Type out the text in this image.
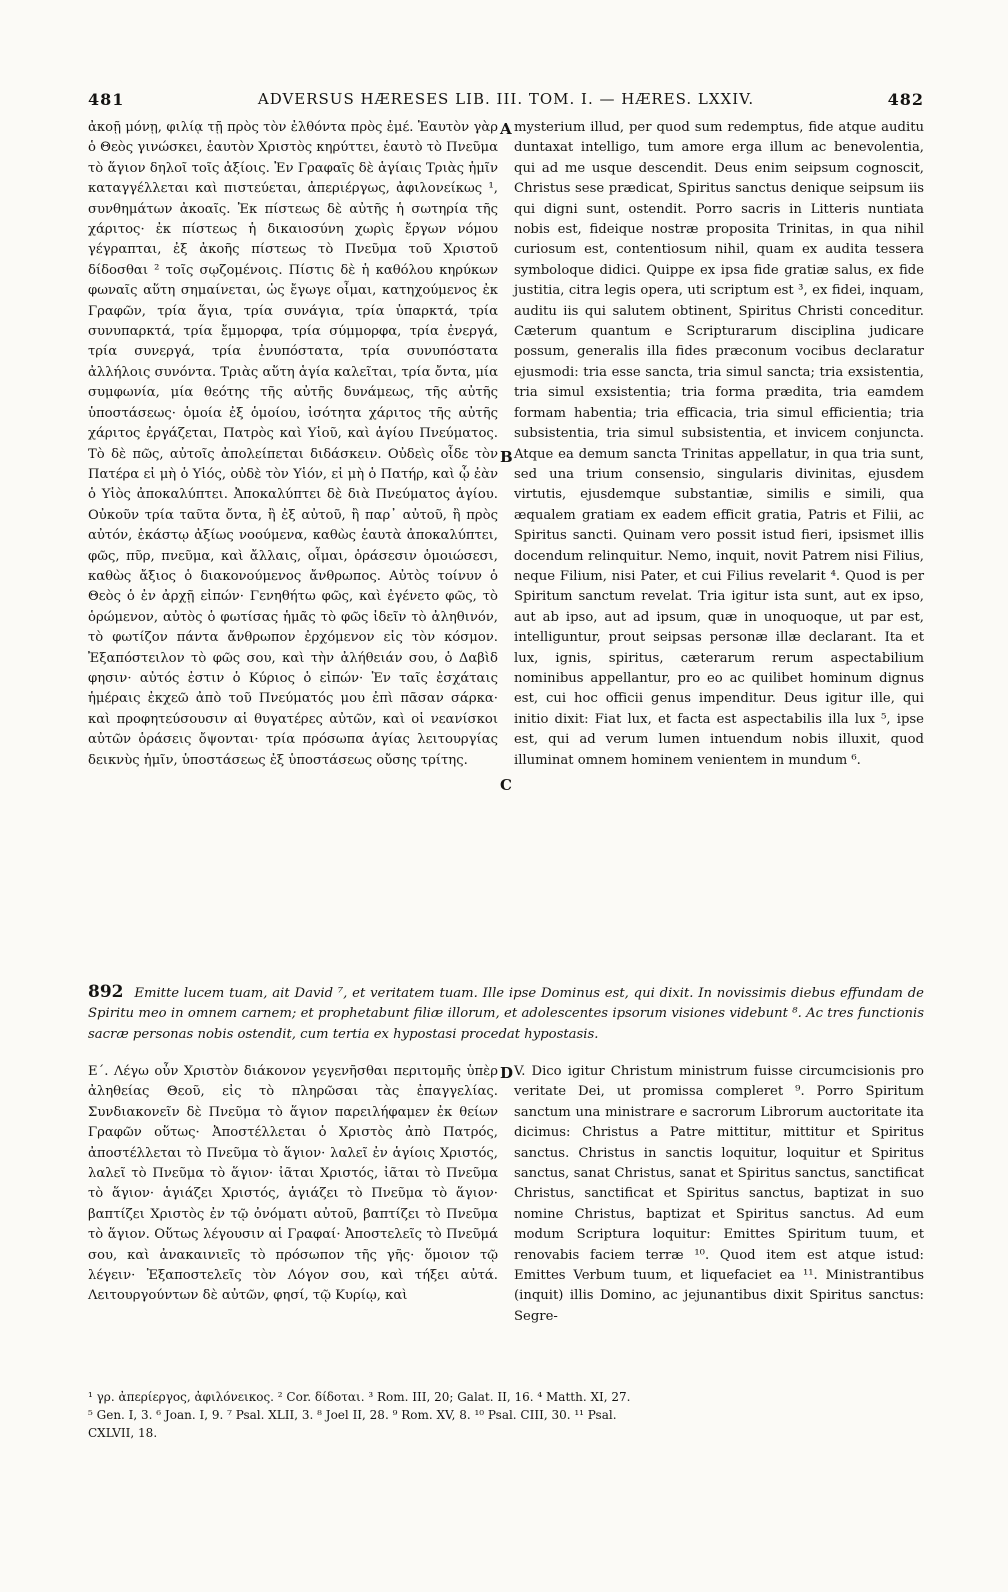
481	ADVERSUS HÆRESES LIB. III. TOM. I. — HÆRES. LXXIV.	482

ἀκοῇ μόνῃ, φιλίᾳ τῇ πρὸς τὸν ἐλθόντα πρὸς ἐμέ. Ἑαυτὸν γὰρ ὁ Θεὸς γινώσκει, ἑαυτὸν Χριστὸς κηρύττει, ἑαυτὸ τὸ Πνεῦμα τὸ ἅγιον δηλοῖ τοῖς ἀξίοις. Ἐν Γραφαῖς δὲ ἁγίαις Τριὰς ἡμῖν καταγγέλλεται καὶ πιστεύεται, ἀπεριέργως, ἀφιλονείκως ¹, συνθημάτων ἀκοαῖς. Ἐκ πίστεως δὲ αὐτῆς ἡ σωτηρία τῆς χάριτος· ἐκ πίστεως ἡ δικαιοσύνη χωρὶς ἔργων νόμου γέγραπται, ἐξ ἀκοῆς πίστεως τὸ Πνεῦμα τοῦ Χριστοῦ δίδοσθαι ² τοῖς σῳζομένοις. Πίστις δὲ ἡ καθόλου κηρύκων φωναῖς αὕτη σημαίνεται, ὡς ἔγωγε οἶμαι, κατηχούμενος ἐκ Γραφῶν, τρία ἅγια, τρία συνάγια, τρία ὑπαρκτά, τρία συνυπαρκτά, τρία ἔμμορφα, τρία σύμμορφα, τρία ἐνεργά, τρία συνεργά, τρία ἐνυπόστατα, τρία συνυπόστατα ἀλλήλοις συνόντα. Τριὰς αὕτη ἁγία καλεῖται, τρία ὄντα, μία συμφωνία, μία θεότης τῆς αὐτῆς δυνάμεως, τῆς αὐτῆς ὑποστάσεως· ὁμοία ἐξ ὁμοίου, ἰσότητα χάριτος τῆς αὐτῆς χάριτος ἐργάζεται, Πατρὸς καὶ Υἱοῦ, καὶ ἁγίου Πνεύματος. Τὸ δὲ πῶς, αὐτοῖς ἀπολείπεται διδάσκειν. Οὐδεὶς οἶδε τὸν Πατέρα εἰ μὴ ὁ Υἱός, οὐδὲ τὸν Υἱόν, εἰ μὴ ὁ Πατήρ, καὶ ᾧ ἐὰν ὁ Υἱὸς ἀποκαλύπτει. Ἀποκαλύπτει δὲ διὰ Πνεύματος ἁγίου. Οὐκοῦν τρία ταῦτα ὄντα, ἢ ἐξ αὐτοῦ, ἢ παρ᾽ αὐτοῦ, ἢ πρὸς αὐτόν, ἑκάστῳ ἀξίως νοούμενα, καθὼς ἑαυτὰ ἀποκαλύπτει, φῶς, πῦρ, πνεῦμα, καὶ ἄλλαις, οἶμαι, ὁράσεσιν ὁμοιώσεσι, καθὼς ἄξιος ὁ διακονούμενος ἄνθρωπος. Αὐτὸς τοίνυν ὁ Θεὸς ὁ ἐν ἀρχῇ εἰπών· Γενηθήτω φῶς, καὶ ἐγένετο φῶς, τὸ ὁρώμενον, αὐτὸς ὁ φωτίσας ἡμᾶς τὸ φῶς ἰδεῖν τὸ ἀληθινόν, τὸ φωτίζον πάντα ἄνθρωπον ἐρχόμενον εἰς τὸν κόσμον. Ἐξαπόστειλον τὸ φῶς σου, καὶ τὴν ἀλήθειάν σου, ὁ Δαβὶδ φησιν· αὐτός ἐστιν ὁ Κύριος ὁ εἰπών· Ἐν ταῖς ἐσχάταις ἡμέραις ἐκχεῶ ἀπὸ τοῦ Πνεύματός μου ἐπὶ πᾶσαν σάρκα· καὶ προφητεύσουσιν αἱ θυγατέρες αὐτῶν, καὶ οἱ νεανίσκοι αὐτῶν ὁράσεις ὄψονται· τρία πρόσωπα ἁγίας λειτουργίας δεικνὺς ἡμῖν, ὑποστάσεως ἐξ ὑποστάσεως οὔσης τρίτης.

mysterium illud, per quod sum redemptus, fide atque auditu duntaxat intelligo, tum amore erga illum ac benevolentia, qui ad me usque descendit. Deus enim seipsum cognoscit, Christus sese prædicat, Spiritus sanctus denique seipsum iis qui digni sunt, ostendit. Porro sacris in Litteris nuntiata nobis est, fideique nostræ proposita Trinitas, in qua nihil curiosum est, contentiosum nihil, quam ex audita tessera symboloque didici. Quippe ex ipsa fide gratiæ salus, ex fide justitia, citra legis opera, uti scriptum est ³, ex fidei, inquam, auditu iis qui salutem obtinent, Spiritus Christi conceditur. Cæterum quantum e Scripturarum disciplina judicare possum, generalis illa fides præconum vocibus declaratur ejusmodi: tria esse sancta, tria simul sancta; tria exsistentia, tria simul exsistentia; tria forma prædita, tria eamdem formam habentia; tria efficacia, tria simul efficientia; tria subsistentia, tria simul subsistentia, et invicem conjuncta. Atque ea demum sancta Trinitas appellatur, in qua tria sunt, sed una trium consensio, singularis divinitas, ejusdem virtutis, ejusdemque substantiæ, similis e simili, qua æqualem gratiam ex eadem efficit gratia, Patris et Filii, ac Spiritus sancti. Quinam vero possit istud fieri, ipsismet illis docendum relinquitur. Nemo, inquit, novit Patrem nisi Filius, neque Filium, nisi Pater, et cui Filius revelarit ⁴. Quod is per Spiritum sanctum revelat. Tria igitur ista sunt, aut ex ipso, aut ab ipso, aut ad ipsum, quæ in unoquoque, ut par est, intelliguntur, prout seipsas personæ illæ declarant. Ita et lux, ignis, spiritus, cæterarum rerum aspectabilium nominibus appellantur, pro eo ac quilibet hominum dignus est, cui hoc officii genus impenditur. Deus igitur ille, qui initio dixit: Fiat lux, et facta est aspectabilis illa lux ⁵, ipse est, qui ad verum lumen intuendum nobis illuxit, quod illuminat omnem hominem venientem in mundum ⁶.

A
B
C
D
892 Emitte lucem tuam, ait David ⁷, et veritatem tuam. Ille ipse Dominus est, qui dixit. In novissimis diebus effundam de Spiritu meo in omnem carnem; et prophetabunt filiæ illorum, et adolescentes ipsorum visiones videbunt ⁸. Ac tres functionis sacræ personas nobis ostendit, cum tertia ex hypostasi procedat hypostasis.

Ε΄. Λέγω οὖν Χριστὸν διάκονον γεγενῆσθαι περιτομῆς ὑπὲρ ἀληθείας Θεοῦ, εἰς τὸ πληρῶσαι τὰς ἐπαγγελίας. Συνδιακονεῖν δὲ Πνεῦμα τὸ ἅγιον παρειλήφαμεν ἐκ θείων Γραφῶν οὕτως· Ἀποστέλλεται ὁ Χριστὸς ἀπὸ Πατρός, ἀποστέλλεται τὸ Πνεῦμα τὸ ἅγιον· λαλεῖ ἐν ἁγίοις Χριστός, λαλεῖ τὸ Πνεῦμα τὸ ἅγιον· ἰᾶται Χριστός, ἰᾶται τὸ Πνεῦμα τὸ ἅγιον· ἁγιάζει Χριστός, ἁγιάζει τὸ Πνεῦμα τὸ ἅγιον· βαπτίζει Χριστὸς ἐν τῷ ὀνόματι αὐτοῦ, βαπτίζει τὸ Πνεῦμα τὸ ἅγιον. Οὕτως λέγουσιν αἱ Γραφαί· Ἀποστελεῖς τὸ Πνεῦμά σου, καὶ ἀνακαινιεῖς τὸ πρόσωπον τῆς γῆς· ὅμοιον τῷ λέγειν· Ἐξαποστελεῖς τὸν Λόγον σου, καὶ τήξει αὐτά. Λειτουργούντων δὲ αὐτῶν, φησί, τῷ Κυρίῳ, καὶ

V. Dico igitur Christum ministrum fuisse circumcisionis pro veritate Dei, ut promissa compleret ⁹. Porro Spiritum sanctum una ministrare e sacrorum Librorum auctoritate ita dicimus: Christus a Patre mittitur, mittitur et Spiritus sanctus. Christus in sanctis loquitur, loquitur et Spiritus sanctus, sanat Christus, sanat et Spiritus sanctus, sanctificat Christus, sanctificat et Spiritus sanctus, baptizat in suo nomine Christus, baptizat et Spiritus sanctus. Ad eum modum Scriptura loquitur: Emittes Spiritum tuum, et renovabis faciem terræ ¹⁰. Quod item est atque istud: Emittes Verbum tuum, et liquefaciet ea ¹¹. Ministrantibus (inquit) illis Domino, ac jejunantibus dixit Spiritus sanctus: Segre-

¹ γρ. ἀπερίεργος, ἀφιλόνεικος. ² Cor. δίδοται. ³ Rom. III, 20; Galat. II, 16. ⁴ Matth. XI, 27.
⁵ Gen. I, 3. ⁶ Joan. I, 9. ⁷ Psal. XLII, 3. ⁸ Joel II, 28. ⁹ Rom. XV, 8. ¹⁰ Psal. CIII, 30. ¹¹ Psal.
CXLVII, 18.
